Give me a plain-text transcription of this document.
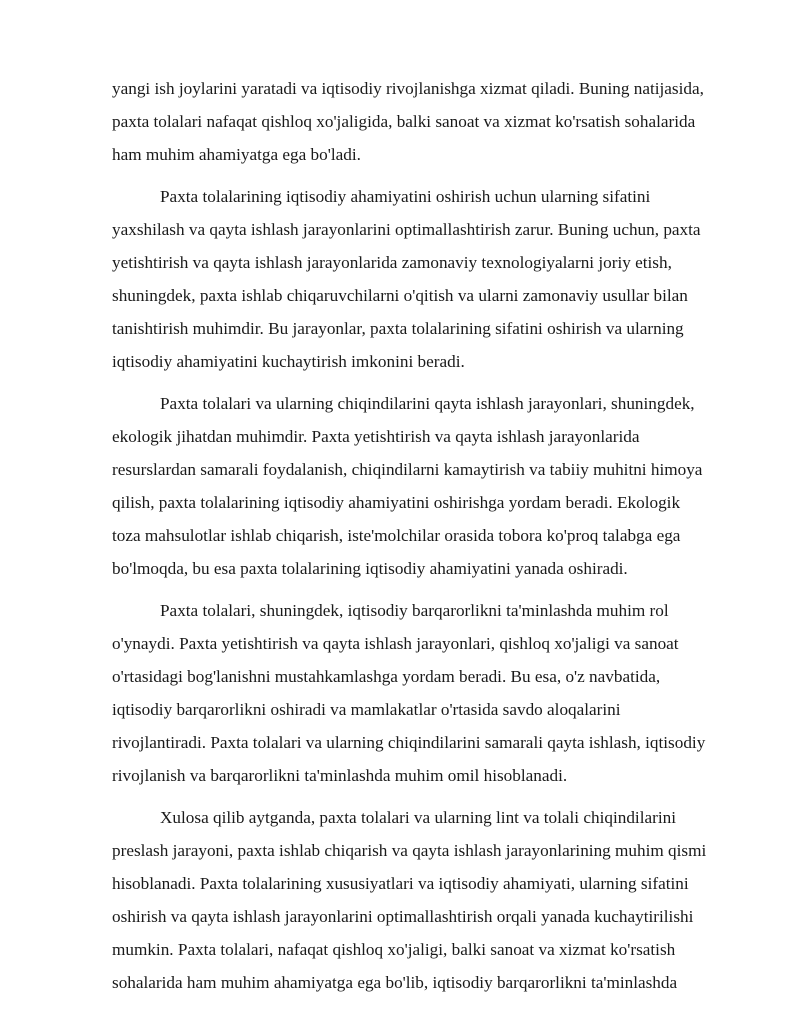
yangi ish joylarini yaratadi va iqtisodiy rivojlanishga xizmat qiladi. Buning natijasida,
paxta tolalari nafaqat qishloq xo'jaligida, balki sanoat va xizmat ko'rsatish sohalarida
ham muhim ahamiyatga ega bo'ladi.
Paxta tolalarining iqtisodiy ahamiyatini oshirish uchun ularning sifatini
yaxshilash va qayta ishlash jarayonlarini optimallashtirish zarur. Buning uchun, paxta
yetishtirish va qayta ishlash jarayonlarida zamonaviy texnologiyalarni joriy etish,
shuningdek, paxta ishlab chiqaruvchilarni o'qitish va ularni zamonaviy usullar bilan
tanishtirish muhimdir. Bu jarayonlar, paxta tolalarining sifatini oshirish va ularning
iqtisodiy ahamiyatini kuchaytirish imkonini beradi.
Paxta tolalari va ularning chiqindilarini qayta ishlash jarayonlari, shuningdek,
ekologik jihatdan muhimdir. Paxta yetishtirish va qayta ishlash jarayonlarida
resurslardan samarali foydalanish, chiqindilarni kamaytirish va tabiiy muhitni himoya
qilish, paxta tolalarining iqtisodiy ahamiyatini oshirishga yordam beradi. Ekologik
toza mahsulotlar ishlab chiqarish, iste'molchilar orasida tobora ko'proq talabga ega
bo'lmoqda, bu esa paxta tolalarining iqtisodiy ahamiyatini yanada oshiradi.
Paxta tolalari, shuningdek, iqtisodiy barqarorlikni ta'minlashda muhim rol
o'ynaydi. Paxta yetishtirish va qayta ishlash jarayonlari, qishloq xo'jaligi va sanoat
o'rtasidagi bog'lanishni mustahkamlashga yordam beradi. Bu esa, o'z navbatida,
iqtisodiy barqarorlikni oshiradi va mamlakatlar o'rtasida savdo aloqalarini
rivojlantiradi. Paxta tolalari va ularning chiqindilarini samarali qayta ishlash, iqtisodiy
rivojlanish va barqarorlikni ta'minlashda muhim omil hisoblanadi.
Xulosa qilib aytganda, paxta tolalari va ularning lint va tolali chiqindilarini
preslash jarayoni, paxta ishlab chiqarish va qayta ishlash jarayonlarining muhim qismi
hisoblanadi. Paxta tolalarining xususiyatlari va iqtisodiy ahamiyati, ularning sifatini
oshirish va qayta ishlash jarayonlarini optimallashtirish orqali yanada kuchaytirilishi
mumkin. Paxta tolalari, nafaqat qishloq xo'jaligi, balki sanoat va xizmat ko'rsatish
sohalarida ham muhim ahamiyatga ega bo'lib, iqtisodiy barqarorlikni ta'minlashda
